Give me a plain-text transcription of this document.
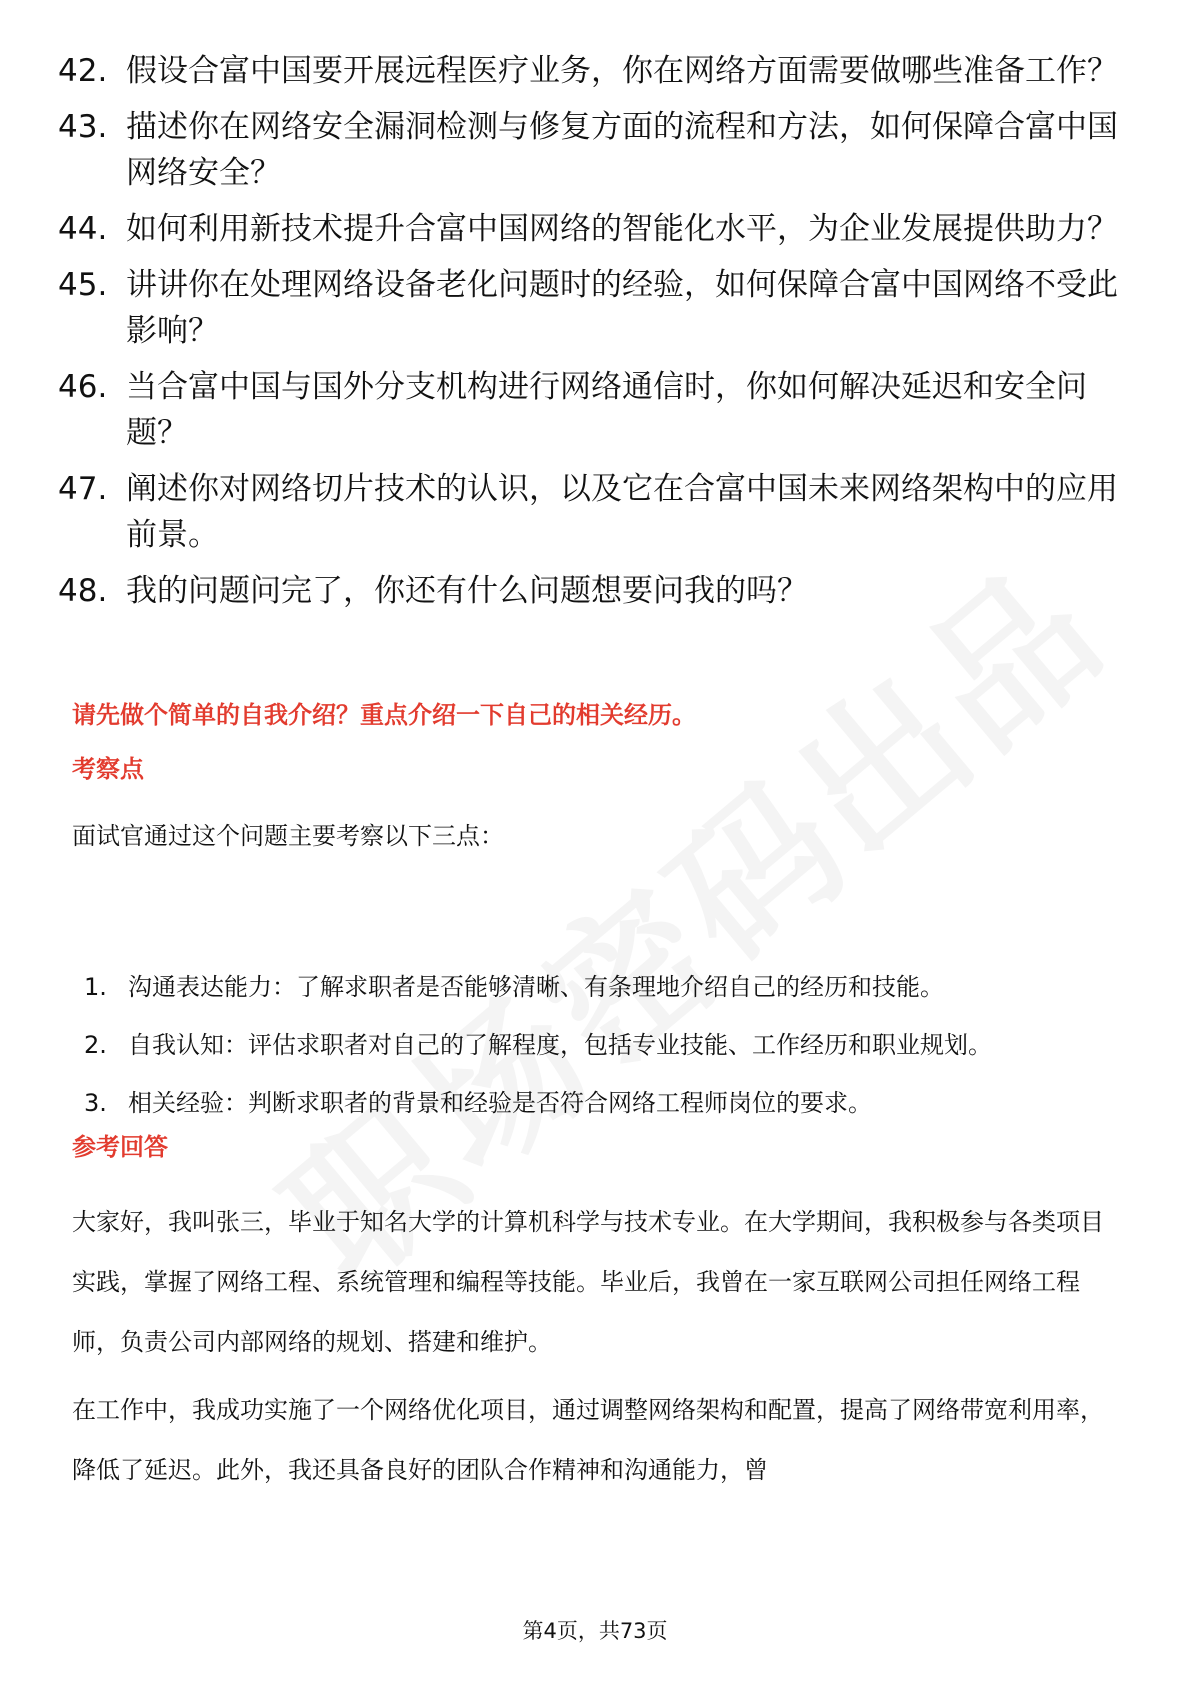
42. 假设合富中国要开展远程医疗业务，你在网络方面需要做哪些准备工作？
43. 描述你在网络安全漏洞检测与修复方面的流程和方法，如何保障合富中国网络安全？
44. 如何利用新技术提升合富中国网络的智能化水平，为企业发展提供助力？
45. 讲讲你在处理网络设备老化问题时的经验，如何保障合富中国网络不受此影响？
46. 当合富中国与国外分支机构进行网络通信时，你如何解决延迟和安全问题？
47. 阐述你对网络切片技术的认识，以及它在合富中国未来网络架构中的应用前景。
48. 我的问题问完了，你还有什么问题想要问我的吗？
请先做个简单的自我介绍？重点介绍一下自己的相关经历。
考察点
面试官通过这个问题主要考察以下三点：
1. 沟通表达能力：了解求职者是否能够清晰、有条理地介绍自己的经历和技能。
2. 自我认知：评估求职者对自己的了解程度，包括专业技能、工作经历和职业规划。
3. 相关经验：判断求职者的背景和经验是否符合网络工程师岗位的要求。
参考回答
大家好，我叫张三，毕业于知名大学的计算机科学与技术专业。在大学期间，我积极参与各类项目实践，掌握了网络工程、系统管理和编程等技能。毕业后，我曾在一家互联网公司担任网络工程师，负责公司内部网络的规划、搭建和维护。
在工作中，我成功实施了一个网络优化项目，通过调整网络架构和配置，提高了网络带宽利用率，降低了延迟。此外，我还具备良好的团队合作精神和沟通能力，曾
第4页，共73页
